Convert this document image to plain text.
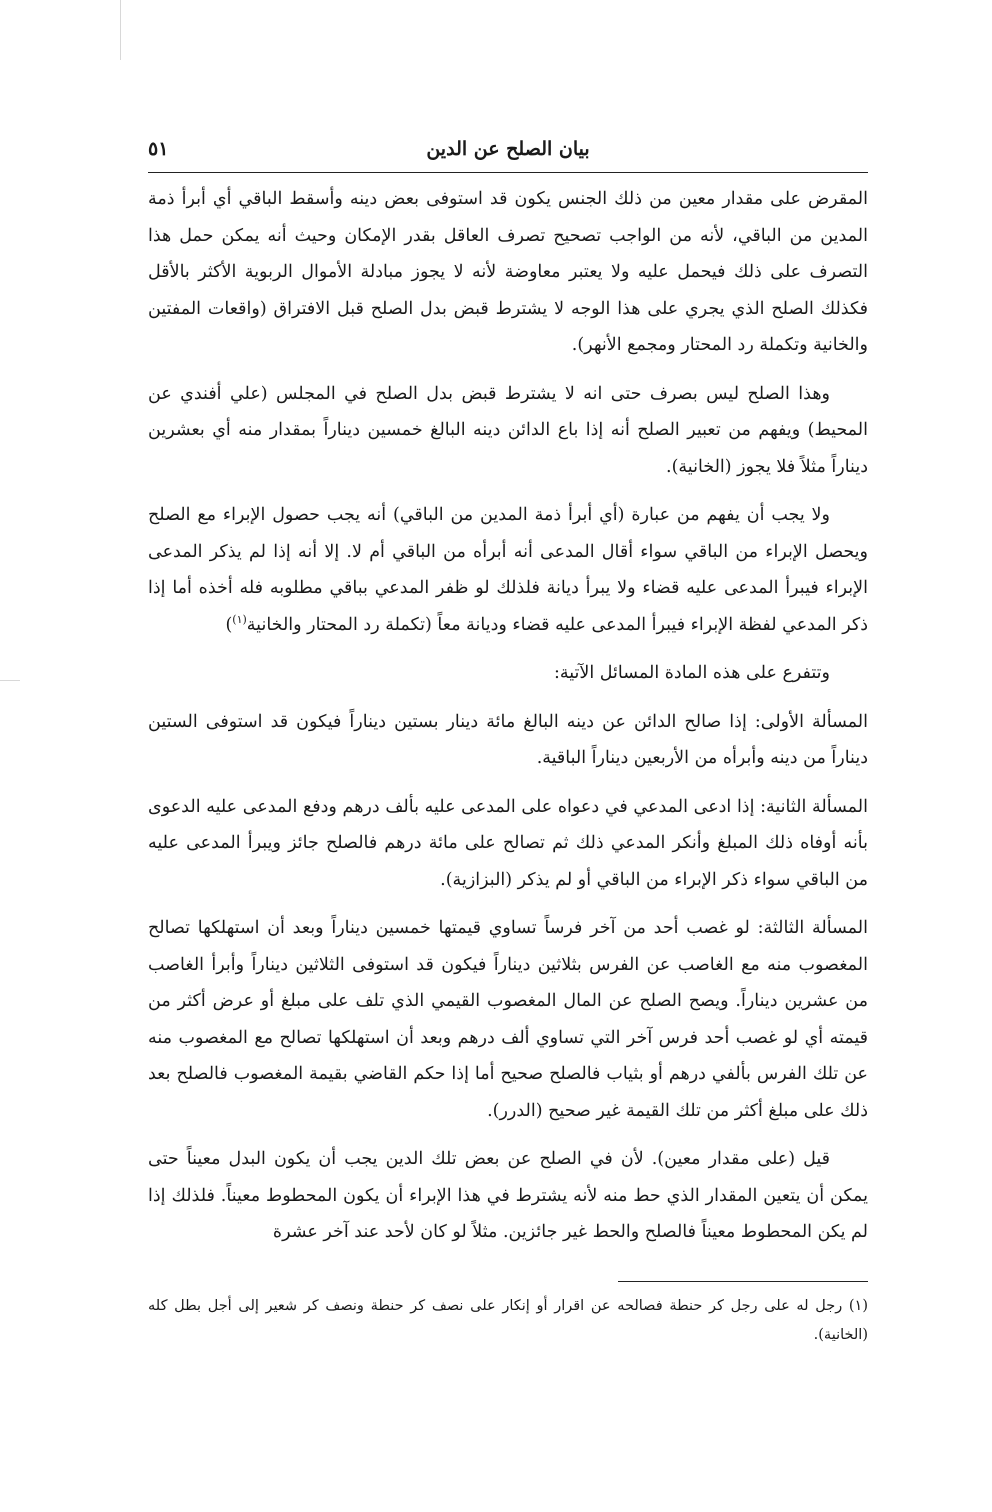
بيان الصلح عن الدين
٥١

المقرض على مقدار معين من ذلك الجنس يكون قد استوفى بعض دينه وأسقط الباقي أي أبرأ ذمة المدين من الباقي، لأنه من الواجب تصحيح تصرف العاقل بقدر الإمكان وحيث أنه يمكن حمل هذا التصرف على ذلك فيحمل عليه ولا يعتبر معاوضة لأنه لا يجوز مبادلة الأموال الربوية الأكثر بالأقل فكذلك الصلح الذي يجري على هذا الوجه لا يشترط قبض بدل الصلح قبل الافتراق (واقعات المفتين والخانية وتكملة رد المحتار ومجمع الأنهر).

وهذا الصلح ليس بصرف حتى انه لا يشترط قبض بدل الصلح في المجلس (علي أفندي عن المحيط) ويفهم من تعبير الصلح أنه إذا باع الدائن دينه البالغ خمسين ديناراً بمقدار منه أي بعشرين ديناراً مثلاً فلا يجوز (الخانية).

ولا يجب أن يفهم من عبارة (أي أبرأ ذمة المدين من الباقي) أنه يجب حصول الإبراء مع الصلح ويحصل الإبراء من الباقي سواء أقال المدعى أنه أبرأه من الباقي أم لا. إلا أنه إذا لم يذكر المدعى الإبراء فيبرأ المدعى عليه قضاء ولا يبرأ ديانة فلذلك لو ظفر المدعي بباقي مطلوبه فله أخذه أما إذا ذكر المدعي لفظة الإبراء فيبرأ المدعى عليه قضاء وديانة معاً (تكملة رد المحتار والخانية$^{(١)}$)

وتتفرع على هذه المادة المسائل الآتية:

المسألة الأولى: إذا صالح الدائن عن دينه البالغ مائة دينار بستين ديناراً فيكون قد استوفى الستين ديناراً من دينه وأبرأه من الأربعين ديناراً الباقية.

المسألة الثانية: إذا ادعى المدعي في دعواه على المدعى عليه بألف درهم ودفع المدعى عليه الدعوى بأنه أوفاه ذلك المبلغ وأنكر المدعي ذلك ثم تصالح على مائة درهم فالصلح جائز ويبرأ المدعى عليه من الباقي سواء ذكر الإبراء من الباقي أو لم يذكر (البزازية).

المسألة الثالثة: لو غصب أحد من آخر فرساً تساوي قيمتها خمسين ديناراً وبعد أن استهلكها تصالح المغصوب منه مع الغاصب عن الفرس بثلاثين ديناراً فيكون قد استوفى الثلاثين ديناراً وأبرأ الغاصب من عشرين ديناراً. ويصح الصلح عن المال المغصوب القيمي الذي تلف على مبلغ أو عرض أكثر من قيمته أي لو غصب أحد فرس آخر التي تساوي ألف درهم وبعد أن استهلكها تصالح مع المغصوب منه عن تلك الفرس بألفي درهم أو بثياب فالصلح صحيح أما إذا حكم القاضي بقيمة المغصوب فالصلح بعد ذلك على مبلغ أكثر من تلك القيمة غير صحيح (الدرر).

قيل (على مقدار معين). لأن في الصلح عن بعض تلك الدين يجب أن يكون البدل معيناً حتى يمكن أن يتعين المقدار الذي حط منه لأنه يشترط في هذا الإبراء أن يكون المحطوط معيناً. فلذلك إذا لم يكن المحطوط معيناً فالصلح والحط غير جائزين. مثلاً لو كان لأحد عند آخر عشرة

(١) رجل له على رجل كر حنطة فصالحه عن اقرار أو إنكار على نصف كر حنطة ونصف كر شعير إلى أجل بطل كله (الخانية).
